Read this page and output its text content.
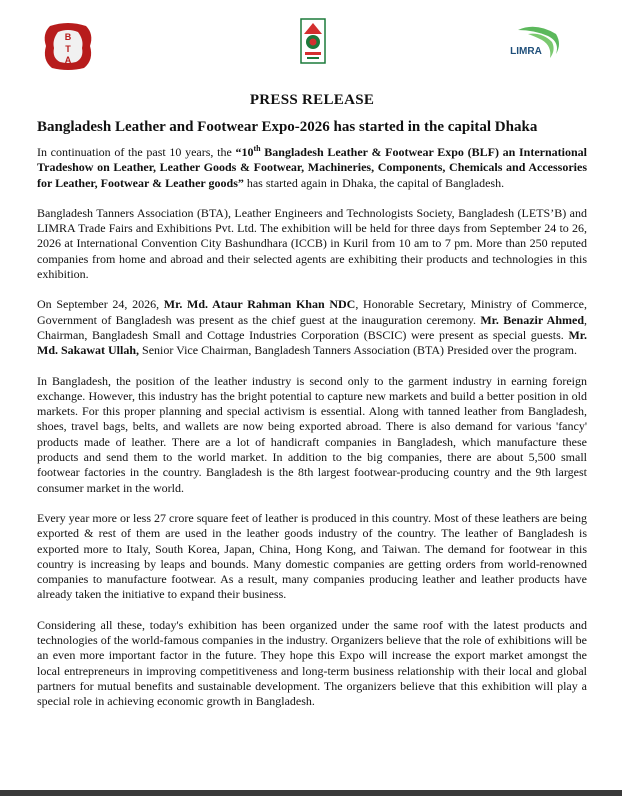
B
T
A
LIMRA
PRESS RELEASE
Bangladesh Leather and Footwear Expo-2026 has started in the capital Dhaka

In continuation of the past 10 years, the “10th Bangladesh Leather & Footwear Expo (BLF) an International Tradeshow on Leather, Leather Goods & Footwear, Machineries, Components, Chemicals and Accessories for Leather, Footwear & Leather goods” has started again in Dhaka, the capital of Bangladesh.

Bangladesh Tanners Association (BTA), Leather Engineers and Technologists Society, Bangladesh (LETS’B) and LIMRA Trade Fairs and Exhibitions Pvt. Ltd. The exhibition will be held for three days from September 24 to 26, 2026 at International Convention City Bashundhara (ICCB) in Kuril from 10 am to 7 pm. More than 250 reputed companies from home and abroad and their selected agents are exhibiting their products and technologies in this exhibition.

On September 24, 2026, Mr. Md. Ataur Rahman Khan NDC, Honorable Secretary, Ministry of Commerce, Government of Bangladesh was present as the chief guest at the inauguration ceremony. Mr. Benazir Ahmed, Chairman, Bangladesh Small and Cottage Industries Corporation (BSCIC) were present as special guests. Mr. Md. Sakawat Ullah, Senior Vice Chairman, Bangladesh Tanners Association (BTA) Presided over the program.

In Bangladesh, the position of the leather industry is second only to the garment industry in earning foreign exchange. However, this industry has the bright potential to capture new markets and build a better position in old markets. For this proper planning and special activism is essential. Along with tanned leather from Bangladesh, shoes, travel bags, belts, and wallets are now being exported abroad. There is also demand for various 'fancy' products made of leather. There are a lot of handicraft companies in Bangladesh, which manufacture these products and send them to the world market. In addition to the big companies, there are about 5,500 small footwear factories in the country. Bangladesh is the 8th largest footwear-producing country and the 9th largest consumer market in the world.

Every year more or less 27 crore square feet of leather is produced in this country. Most of these leathers are being exported & rest of them are used in the leather goods industry of the country. The leather of Bangladesh is exported more to Italy, South Korea, Japan, China, Hong Kong, and Taiwan. The demand for footwear in this country is increasing by leaps and bounds. Many domestic companies are getting orders from world-renowned companies to manufacture footwear. As a result, many companies producing leather and leather products have already taken the initiative to expand their business.

Considering all these, today's exhibition has been organized under the same roof with the latest products and technologies of the world-famous companies in the industry. Organizers believe that the role of exhibitions will be an even more important factor in the future. They hope this Expo will increase the export market amongst the local entrepreneurs in improving competitiveness and long-term business relationship with their local and global partners for mutual benefits and sustainable development. The organizers believe that this exhibition will play a special role in achieving economic growth in Bangladesh.
